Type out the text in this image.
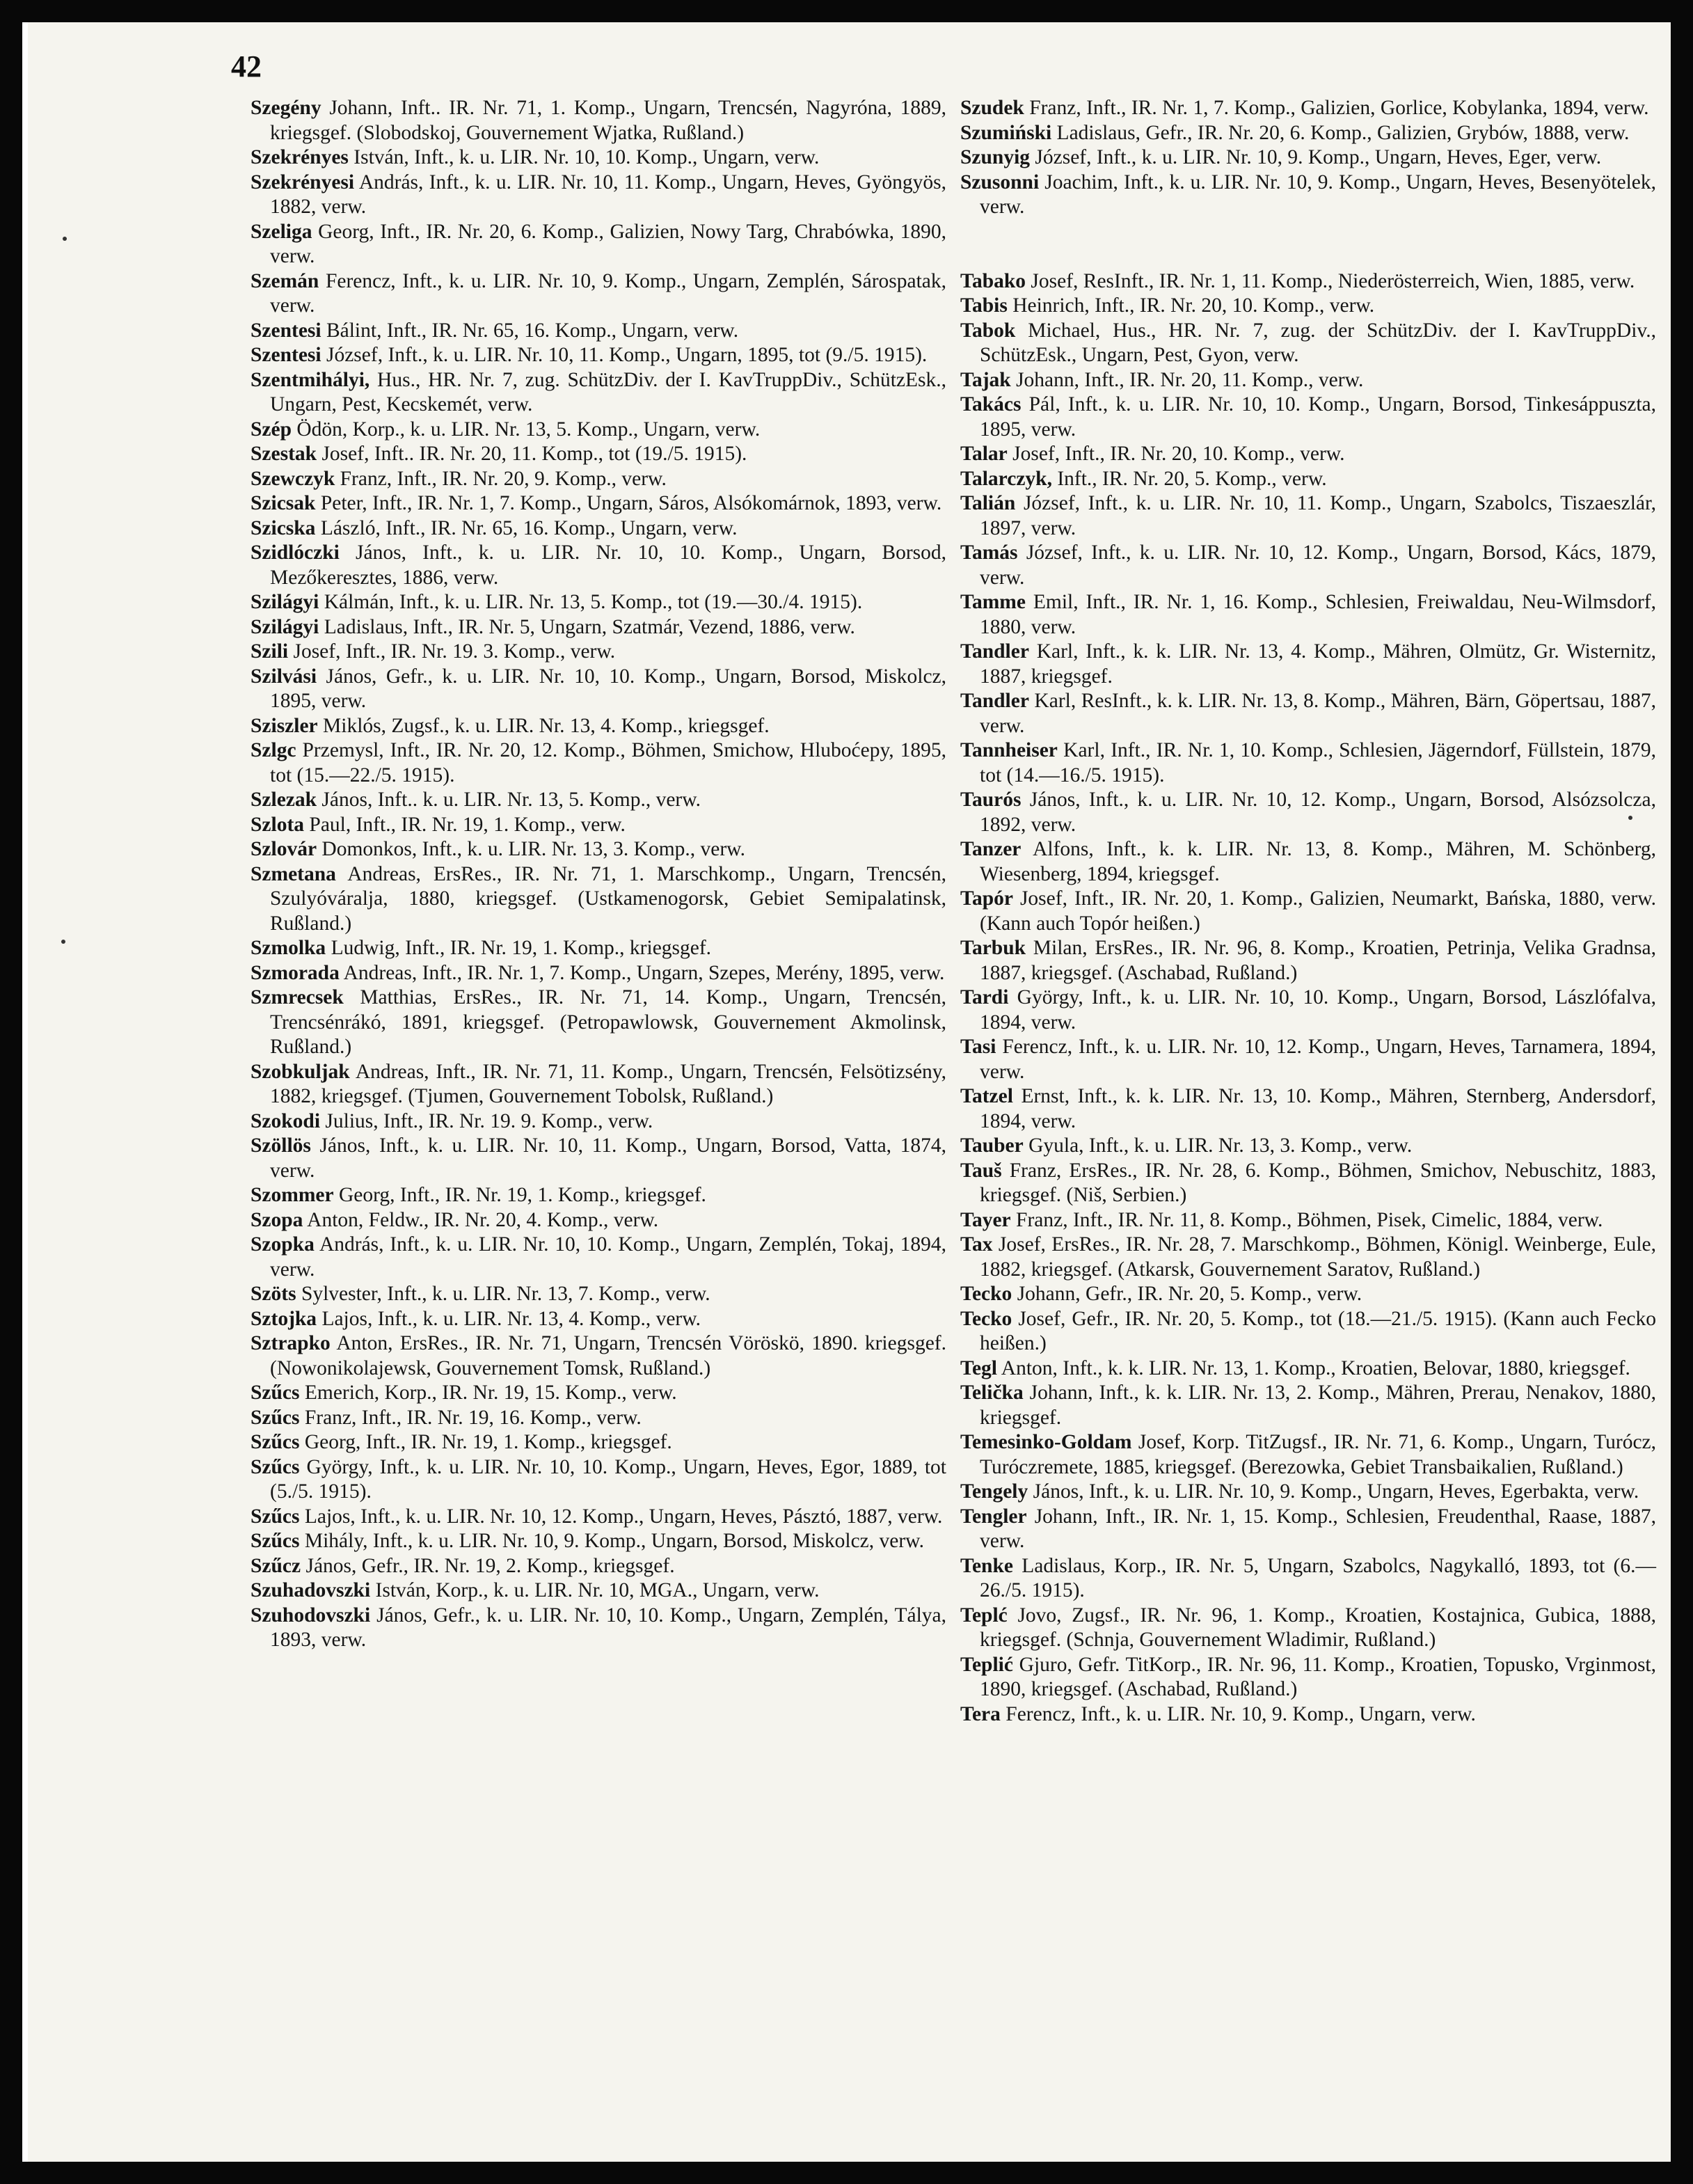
42

Szegény Johann, Inft.. IR. Nr. 71, 1. Komp., Ungarn, Trencsén, Nagyróna, 1889, kriegsgef. (Slobodskoj, Gouvernement Wjatka, Rußland.)

Szekrényes István, Inft., k. u. LIR. Nr. 10, 10. Komp., Ungarn, verw.

Szekrényesi András, Inft., k. u. LIR. Nr. 10, 11. Komp., Ungarn, Heves, Gyöngyös, 1882, verw.

Szeliga Georg, Inft., IR. Nr. 20, 6. Komp., Galizien, Nowy Targ, Chrabówka, 1890, verw.

Szemán Ferencz, Inft., k. u. LIR. Nr. 10, 9. Komp., Ungarn, Zemplén, Sárospatak, verw.

Szentesi Bálint, Inft., IR. Nr. 65, 16. Komp., Ungarn, verw.

Szentesi József, Inft., k. u. LIR. Nr. 10, 11. Komp., Ungarn, 1895, tot (9./5. 1915).

Szentmihályi, Hus., HR. Nr. 7, zug. SchützDiv. der I. KavTruppDiv., SchützEsk., Ungarn, Pest, Kecskemét, verw.

Szép Ödön, Korp., k. u. LIR. Nr. 13, 5. Komp., Ungarn, verw.

Szestak Josef, Inft.. IR. Nr. 20, 11. Komp., tot (19./5. 1915).

Szewczyk Franz, Inft., IR. Nr. 20, 9. Komp., verw.

Szicsak Peter, Inft., IR. Nr. 1, 7. Komp., Ungarn, Sáros, Alsókomárnok, 1893, verw.

Szicska László, Inft., IR. Nr. 65, 16. Komp., Ungarn, verw.

Szidlóczki János, Inft., k. u. LIR. Nr. 10, 10. Komp., Ungarn, Borsod, Mezőkeresztes, 1886, verw.

Szilágyi Kálmán, Inft., k. u. LIR. Nr. 13, 5. Komp., tot (19.—30./4. 1915).

Szilágyi Ladislaus, Inft., IR. Nr. 5, Ungarn, Szatmár, Vezend, 1886, verw.

Szili Josef, Inft., IR. Nr. 19. 3. Komp., verw.

Szilvási János, Gefr., k. u. LIR. Nr. 10, 10. Komp., Ungarn, Borsod, Miskolcz, 1895, verw.

Sziszler Miklós, Zugsf., k. u. LIR. Nr. 13, 4. Komp., kriegsgef.

Szlgc Przemysl, Inft., IR. Nr. 20, 12. Komp., Böhmen, Smichow, Hluboćepy, 1895, tot (15.—22./5. 1915).

Szlezak János, Inft.. k. u. LIR. Nr. 13, 5. Komp., verw.

Szlota Paul, Inft., IR. Nr. 19, 1. Komp., verw.

Szlovár Domonkos, Inft., k. u. LIR. Nr. 13, 3. Komp., verw.

Szmetana Andreas, ErsRes., IR. Nr. 71, 1. Marschkomp., Ungarn, Trencsén, Szulyóváralja, 1880, kriegsgef. (Ustkamenogorsk, Gebiet Semipalatinsk, Rußland.)

Szmolka Ludwig, Inft., IR. Nr. 19, 1. Komp., kriegsgef.

Szmorada Andreas, Inft., IR. Nr. 1, 7. Komp., Ungarn, Szepes, Merény, 1895, verw.

Szmrecsek Matthias, ErsRes., IR. Nr. 71, 14. Komp., Ungarn, Trencsén, Trencsénrákó, 1891, kriegsgef. (Petropawlowsk, Gouvernement Akmolinsk, Rußland.)

Szobkuljak Andreas, Inft., IR. Nr. 71, 11. Komp., Ungarn, Trencsén, Felsötizsény, 1882, kriegsgef. (Tjumen, Gouvernement Tobolsk, Rußland.)

Szokodi Julius, Inft., IR. Nr. 19. 9. Komp., verw.

Szöllös János, Inft., k. u. LIR. Nr. 10, 11. Komp., Ungarn, Borsod, Vatta, 1874, verw.

Szommer Georg, Inft., IR. Nr. 19, 1. Komp., kriegsgef.

Szopa Anton, Feldw., IR. Nr. 20, 4. Komp., verw.

Szopka András, Inft., k. u. LIR. Nr. 10, 10. Komp., Ungarn, Zemplén, Tokaj, 1894, verw.

Szöts Sylvester, Inft., k. u. LIR. Nr. 13, 7. Komp., verw.

Sztojka Lajos, Inft., k. u. LIR. Nr. 13, 4. Komp., verw.

Sztrapko Anton, ErsRes., IR. Nr. 71, Ungarn, Trencsén Vöröskö, 1890. kriegsgef. (Nowonikolajewsk, Gouvernement Tomsk, Rußland.)

Szűcs Emerich, Korp., IR. Nr. 19, 15. Komp., verw.

Szűcs Franz, Inft., IR. Nr. 19, 16. Komp., verw.

Szűcs Georg, Inft., IR. Nr. 19, 1. Komp., kriegsgef.

Szűcs György, Inft., k. u. LIR. Nr. 10, 10. Komp., Ungarn, Heves, Egor, 1889, tot (5./5. 1915).

Szűcs Lajos, Inft., k. u. LIR. Nr. 10, 12. Komp., Ungarn, Heves, Pásztó, 1887, verw.

Szűcs Mihály, Inft., k. u. LIR. Nr. 10, 9. Komp., Ungarn, Borsod, Miskolcz, verw.

Szűcz János, Gefr., IR. Nr. 19, 2. Komp., kriegsgef.

Szuhadovszki István, Korp., k. u. LIR. Nr. 10, MGA., Ungarn, verw.

Szuhodovszki János, Gefr., k. u. LIR. Nr. 10, 10. Komp., Ungarn, Zemplén, Tályа, 1893, verw.

Szudek Franz, Inft., IR. Nr. 1, 7. Komp., Galizien, Gorlice, Kobylanka, 1894, verw.

Szumiński Ladislaus, Gefr., IR. Nr. 20, 6. Komp., Galizien, Grybów, 1888, verw.

Szunyig József, Inft., k. u. LIR. Nr. 10, 9. Komp., Ungarn, Heves, Eger, verw.

Szusonni Joachim, Inft., k. u. LIR. Nr. 10, 9. Komp., Ungarn, Heves, Besenyötelek, verw.

Tabako Josef, ResInft., IR. Nr. 1, 11. Komp., Niederösterreich, Wien, 1885, verw.

Tabis Heinrich, Inft., IR. Nr. 20, 10. Komp., verw.

Tabok Michael, Hus., HR. Nr. 7, zug. der SchützDiv. der I. KavTruppDiv., SchützEsk., Ungarn, Pest, Gyon, verw.

Tajak Johann, Inft., IR. Nr. 20, 11. Komp., verw.

Takács Pál, Inft., k. u. LIR. Nr. 10, 10. Komp., Ungarn, Borsod, Tinkesáppuszta, 1895, verw.

Talar Josef, Inft., IR. Nr. 20, 10. Komp., verw.

Talarczyk, Inft., IR. Nr. 20, 5. Komp., verw.

Talián József, Inft., k. u. LIR. Nr. 10, 11. Komp., Ungarn, Szabolcs, Tiszaeszlár, 1897, verw.

Tamás József, Inft., k. u. LIR. Nr. 10, 12. Komp., Ungarn, Borsod, Kács, 1879, verw.

Tamme Emil, Inft., IR. Nr. 1, 16. Komp., Schlesien, Freiwaldau, Neu-Wilmsdorf, 1880, verw.

Tandler Karl, Inft., k. k. LIR. Nr. 13, 4. Komp., Mähren, Olmütz, Gr. Wisternitz, 1887, kriegsgef.

Tandler Karl, ResInft., k. k. LIR. Nr. 13, 8. Komp., Mähren, Bärn, Göpertsau, 1887, verw.

Tannheiser Karl, Inft., IR. Nr. 1, 10. Komp., Schlesien, Jägerndorf, Füllstein, 1879, tot (14.—16./5. 1915).

Taurós János, Inft., k. u. LIR. Nr. 10, 12. Komp., Ungarn, Borsod, Alsózsolcza, 1892, verw.

Tanzer Alfons, Inft., k. k. LIR. Nr. 13, 8. Komp., Mähren, M. Schönberg, Wiesenberg, 1894, kriegsgef.

Tapór Josef, Inft., IR. Nr. 20, 1. Komp., Galizien, Neumarkt, Bańska, 1880, verw. (Kann auch Topór heißen.)

Tarbuk Milan, ErsRes., IR. Nr. 96, 8. Komp., Kroatien, Petrinja, Velika Gradnsa, 1887, kriegsgef. (Aschabad, Rußland.)

Tardi György, Inft., k. u. LIR. Nr. 10, 10. Komp., Ungarn, Borsod, Lászlófalva, 1894, verw.

Tasi Ferencz, Inft., k. u. LIR. Nr. 10, 12. Komp., Ungarn, Heves, Tarnamera, 1894, verw.

Tatzel Ernst, Inft., k. k. LIR. Nr. 13, 10. Komp., Mähren, Sternberg, Andersdorf, 1894, verw.

Tauber Gyula, Inft., k. u. LIR. Nr. 13, 3. Komp., verw.

Tauš Franz, ErsRes., IR. Nr. 28, 6. Komp., Böhmen, Smichov, Nebuschitz, 1883, kriegsgef. (Niš, Serbien.)

Tayer Franz, Inft., IR. Nr. 11, 8. Komp., Böhmen, Pisek, Cimelic, 1884, verw.

Tax Josef, ErsRes., IR. Nr. 28, 7. Marschkomp., Böhmen, Königl. Weinberge, Eule, 1882, kriegsgef. (Atkarsk, Gouvernement Saratov, Rußland.)

Tecko Johann, Gefr., IR. Nr. 20, 5. Komp., verw.

Tecko Josef, Gefr., IR. Nr. 20, 5. Komp., tot (18.—21./5. 1915). (Kann auch Fecko heißen.)

Tegl Anton, Inft., k. k. LIR. Nr. 13, 1. Komp., Kroatien, Belovar, 1880, kriegsgef.

Telička Johann, Inft., k. k. LIR. Nr. 13, 2. Komp., Mähren, Prerau, Nenakov, 1880, kriegsgef.

Temesinko-Goldam Josef, Korp. TitZugsf., IR. Nr. 71, 6. Komp., Ungarn, Turócz, Turóczremete, 1885, kriegsgef. (Berezowka, Gebiet Transbaikalien, Rußland.)

Tengely János, Inft., k. u. LIR. Nr. 10, 9. Komp., Ungarn, Heves, Egerbakta, verw.

Tengler Johann, Inft., IR. Nr. 1, 15. Komp., Schlesien, Freudenthal, Raase, 1887, verw.

Tenke Ladislaus, Korp., IR. Nr. 5, Ungarn, Szabolcs, Nagykalló, 1893, tot (6.—26./5. 1915).

Teplć Jovo, Zugsf., IR. Nr. 96, 1. Komp., Kroatien, Kostajnica, Gubica, 1888, kriegsgef. (Schnja, Gouvernement Wladimir, Rußland.)

Teplić Gjuro, Gefr. TitKorp., IR. Nr. 96, 11. Komp., Kroatien, Topusko, Vrginmost, 1890, kriegsgef. (Aschabad, Rußland.)

Tera Ferencz, Inft., k. u. LIR. Nr. 10, 9. Komp., Ungarn, verw.
